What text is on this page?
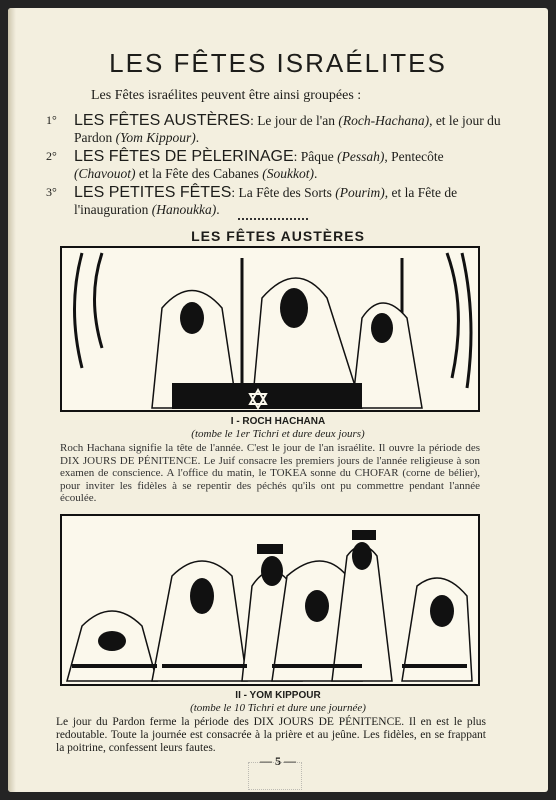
LES FÊTES ISRAÉLITES
Les Fêtes israélites peuvent être ainsi groupées :
1° LES FÊTES AUSTÈRES: Le jour de l'an (Roch-Hachana), et le jour du Pardon (Yom Kippour).
2° LES FÊTES DE PÈLERINAGE: Pâque (Pessah), Pentecôte (Chavouot) et la Fête des Cabanes (Soukkot).
3° LES PETITES FÊTES: La Fête des Sorts (Pourim), et la Fête de l'inauguration (Hanoukka).
LES FÊTES AUSTÈRES
I - ROCH HACHANA
(tombe le 1er Tichri et dure deux jours)
Roch Hachana signifie la tête de l'année. C'est le jour de l'an israélite. Il ouvre la période des DIX JOURS DE PÉNITENCE. Le Juif consacre les premiers jours de l'année religieuse à son examen de conscience. A l'office du matin, le TOKEA sonne du CHOFAR (corne de bélier), pour inviter les fidèles à se repentir des péchés qu'ils ont pu commettre pendant l'année écoulée.
II - YOM KIPPOUR
(tombe le 10 Tichri et dure une journée)
Le jour du Pardon ferme la période des DIX JOURS DE PÉNITENCE. Il en est le plus redoutable. Toute la journée est consacrée à la prière et au jeûne. Les fidèles, en se frappant la poitrine, confessent leurs fautes.
— 5 —
